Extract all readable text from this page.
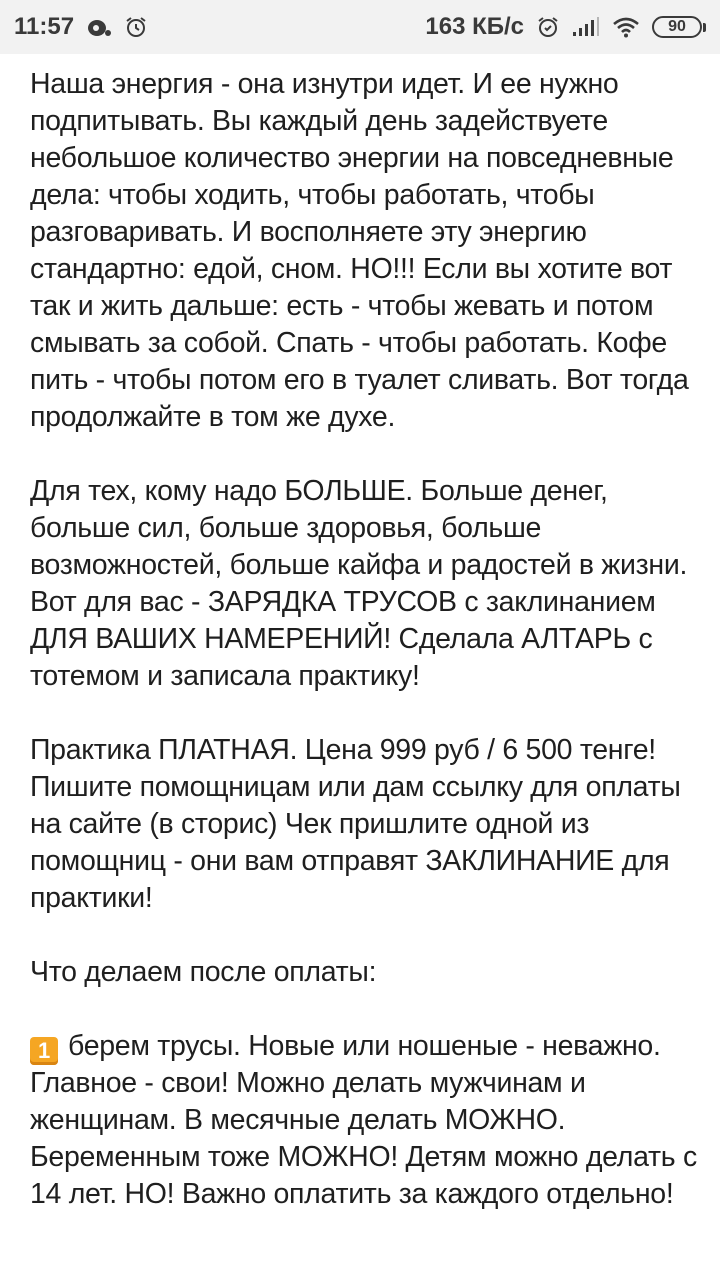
11:57	163 КБ/с	90

Наша энергия - она изнутри идет. И ее нужно подпитывать. Вы каждый день задействуете небольшое количество энергии на повседневные дела: чтобы ходить, чтобы работать, чтобы разговаривать. И восполняете эту энергию стандартно: едой, сном. НО!!! Если вы хотите вот так и жить дальше: есть - чтобы жевать и потом смывать за собой. Спать - чтобы работать. Кофе пить - чтобы потом его в туалет сливать. Вот тогда продолжайте в том же духе.

Для тех, кому надо БОЛЬШЕ. Больше денег, больше сил, больше здоровья, больше возможностей, больше кайфа и радостей в жизни. Вот для вас - ЗАРЯДКА ТРУСОВ с заклинанием ДЛЯ ВАШИХ НАМЕРЕНИЙ! Сделала АЛТАРЬ с тотемом и записала практику!

Практика ПЛАТНАЯ. Цена 999 руб / 6 500 тенге! Пишите помощницам или дам ссылку для оплаты на сайте (в сторис) Чек пришлите одной из помощниц - они вам отправят ЗАКЛИНАНИЕ для практики!

Что делаем после оплаты:

1 берем трусы. Новые или ношеные - неважно. Главное - свои! Можно делать мужчинам и женщинам. В месячные делать МОЖНО. Беременным тоже МОЖНО! Детям можно делать с 14 лет. НО! Важно оплатить за каждого отдельно!
